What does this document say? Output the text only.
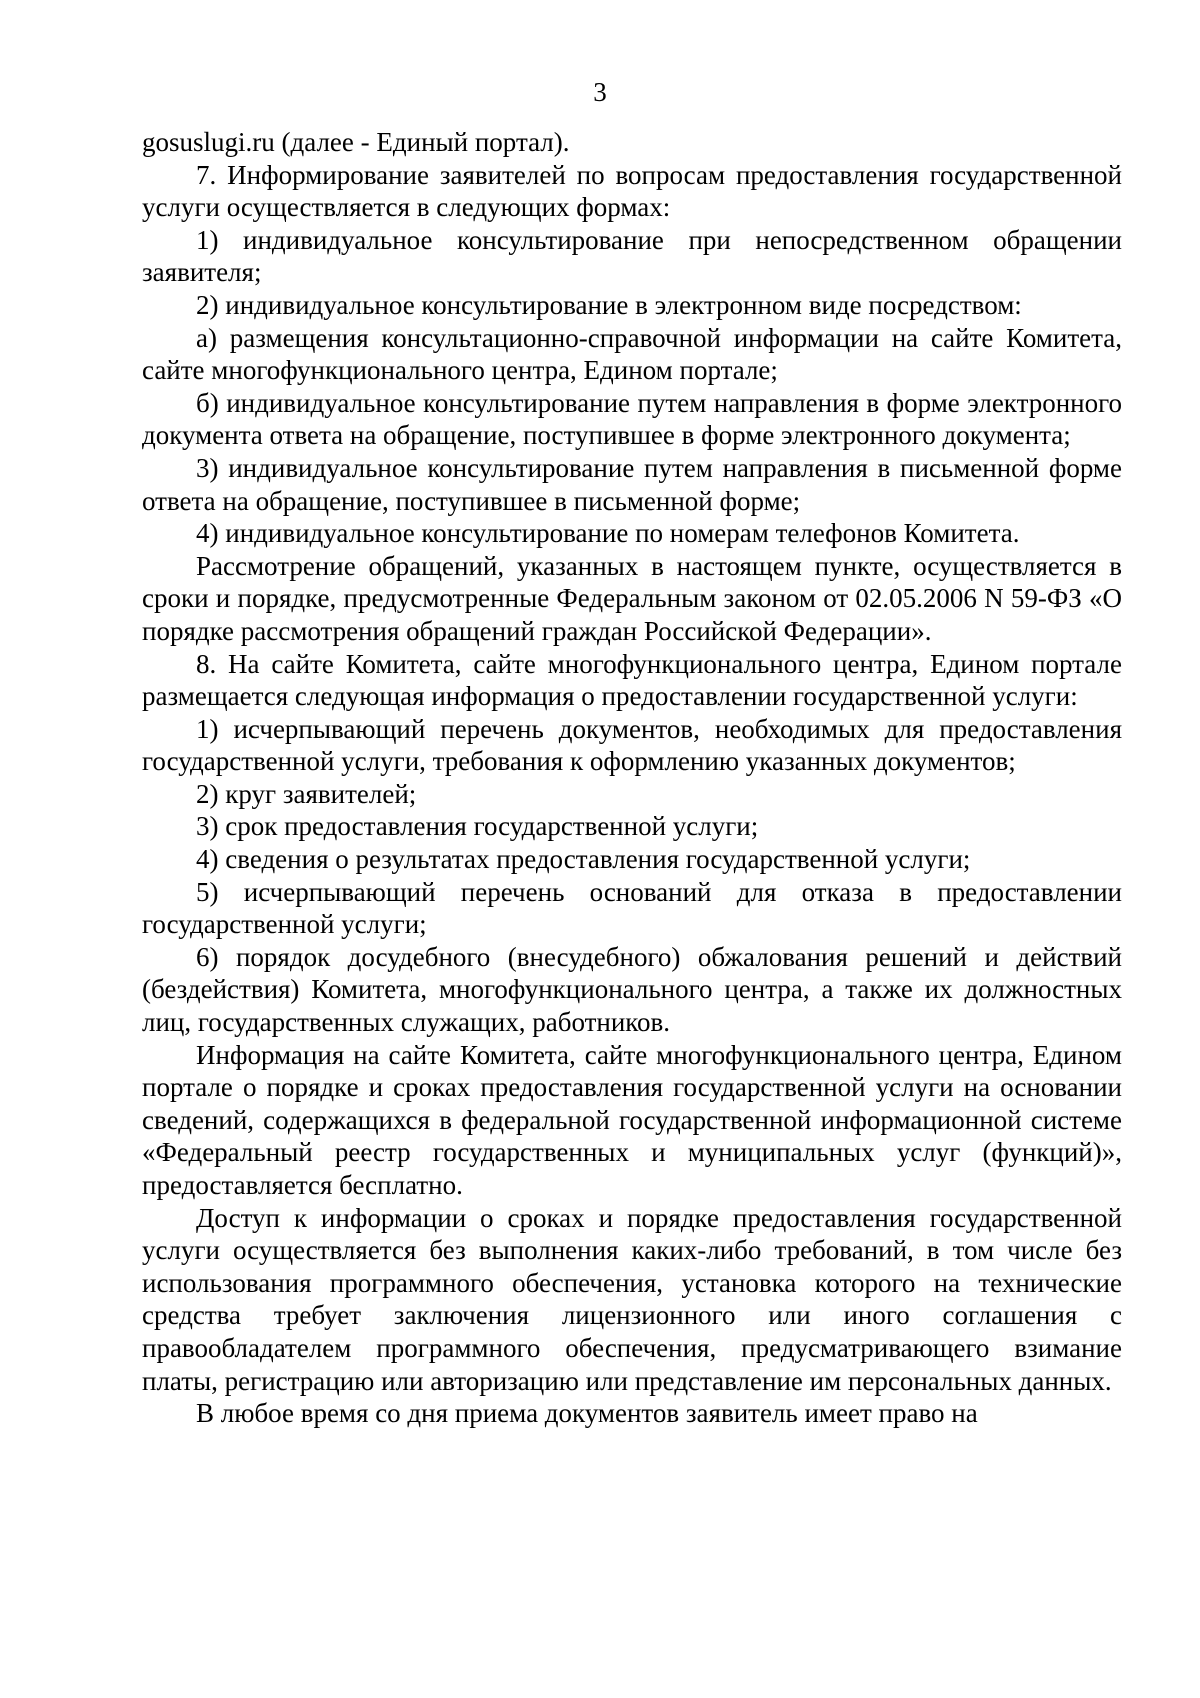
3

gosuslugi.ru (далее - Единый портал).

7. Информирование заявителей по вопросам предоставления государственной услуги осуществляется в следующих формах:

1) индивидуальное консультирование при непосредственном обращении заявителя;

2) индивидуальное консультирование в электронном виде посредством:

а) размещения консультационно-справочной информации на сайте Комитета, сайте многофункционального центра, Едином портале;

б) индивидуальное консультирование путем направления в форме электронного документа ответа на обращение, поступившее в форме электронного документа;

3) индивидуальное консультирование путем направления в письменной форме ответа на обращение, поступившее в письменной форме;

4) индивидуальное консультирование по номерам телефонов Комитета.

Рассмотрение обращений, указанных в настоящем пункте, осуществляется в сроки и порядке, предусмотренные Федеральным законом от 02.05.2006 N 59-ФЗ «О порядке рассмотрения обращений граждан Российской Федерации».

8. На сайте Комитета, сайте многофункционального центра, Едином портале размещается следующая информация о предоставлении государственной услуги:

1) исчерпывающий перечень документов, необходимых для предоставления государственной услуги, требования к оформлению указанных документов;

2) круг заявителей;

3) срок предоставления государственной услуги;

4) сведения о результатах предоставления государственной услуги;

5) исчерпывающий перечень оснований для отказа в предоставлении государственной услуги;

6) порядок досудебного (внесудебного) обжалования решений и действий (бездействия) Комитета, многофункционального центра, а также их должностных лиц, государственных служащих, работников.

Информация на сайте Комитета, сайте многофункционального центра, Едином портале о порядке и сроках предоставления государственной услуги на основании сведений, содержащихся в федеральной государственной информационной системе «Федеральный реестр государственных и муниципальных услуг (функций)», предоставляется бесплатно.

Доступ к информации о сроках и порядке предоставления государственной услуги осуществляется без выполнения каких-либо требований, в том числе без использования программного обеспечения, установка которого на технические средства требует заключения лицензионного или иного соглашения с правообладателем программного обеспечения, предусматривающего взимание платы, регистрацию или авторизацию или представление им персональных данных.

В любое время со дня приема документов заявитель имеет право на
